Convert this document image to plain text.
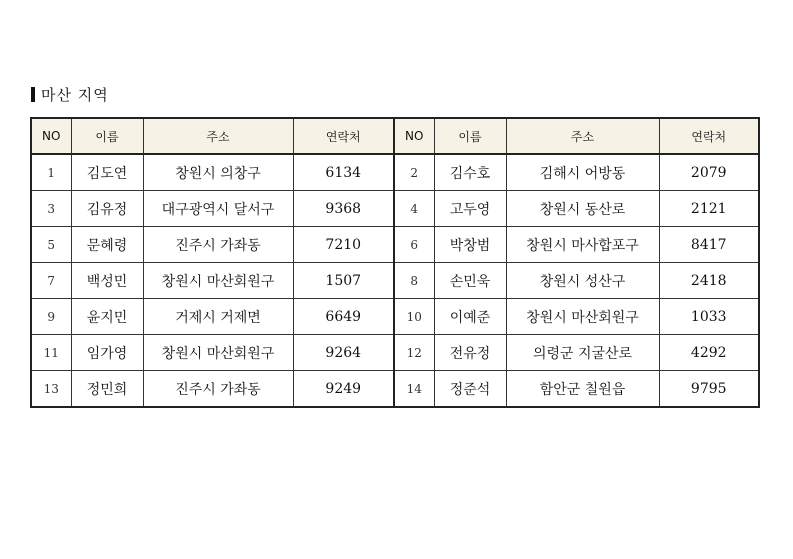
마산 지역
NO	이름	주소	연락처	NO	이름	주소	연락처
1	김도연	창원시 의창구	6134	2	김수호	김해시 어방동	2079
3	김유정	대구광역시 달서구	9368	4	고두영	창원시 동산로	2121
5	문혜령	진주시 가좌동	7210	6	박창범	창원시 마사합포구	8417
7	백성민	창원시 마산회원구	1507	8	손민욱	창원시 성산구	2418
9	윤지민	거제시 거제면	6649	10	이예준	창원시 마산회원구	1033
11	임가영	창원시 마산회원구	9264	12	전유정	의령군 지굴산로	4292
13	정민희	진주시 가좌동	9249	14	정준석	함안군 칠원읍	9795
